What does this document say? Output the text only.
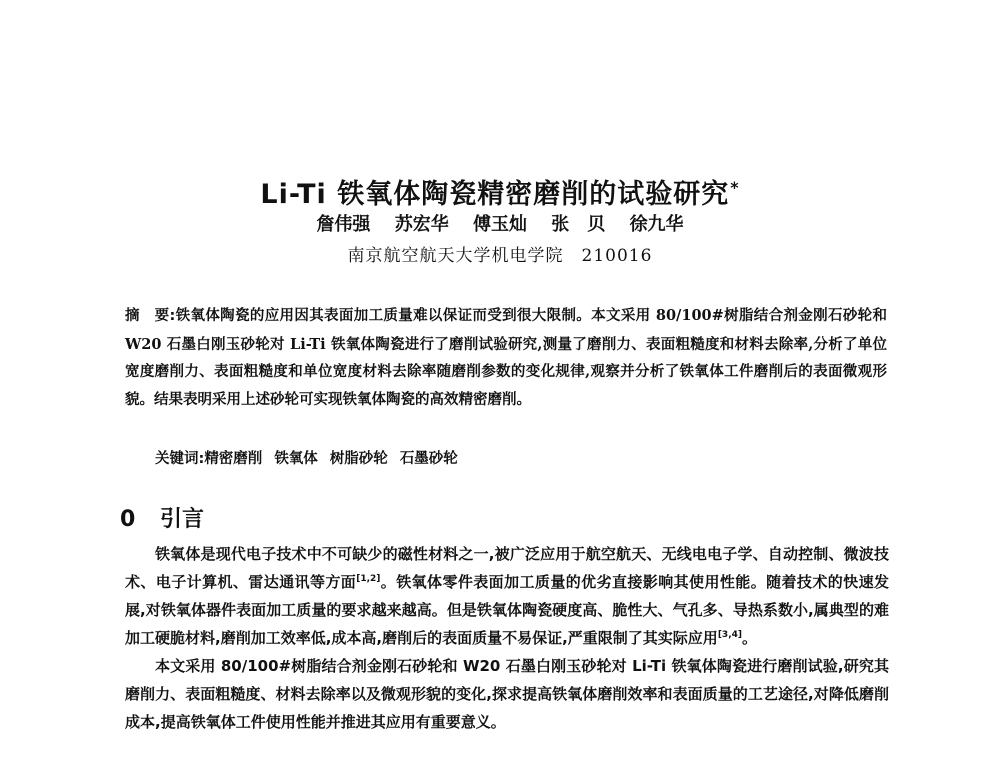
Li-Ti 铁氧体陶瓷精密磨削的试验研究*
詹伟强 苏宏华 傅玉灿 张　贝 徐九华
南京航空航天大学机电学院　210016
摘　要:铁氧体陶瓷的应用因其表面加工质量难以保证而受到很大限制。本文采用 80/100#树脂结合剂金刚石砂轮和 W20 石墨白刚玉砂轮对 Li-Ti 铁氧体陶瓷进行了磨削试验研究,测量了磨削力、表面粗糙度和材料去除率,分析了单位宽度磨削力、表面粗糙度和单位宽度材料去除率随磨削参数的变化规律,观察并分析了铁氧体工件磨削后的表面微观形貌。结果表明采用上述砂轮可实现铁氧体陶瓷的高效精密磨削。
关键词:精密磨削 铁氧体 树脂砂轮 石墨砂轮
0 引言

铁氧体是现代电子技术中不可缺少的磁性材料之一,被广泛应用于航空航天、无线电电子学、自动控制、微波技术、电子计算机、雷达通讯等方面[1,2]。铁氧体零件表面加工质量的优劣直接影响其使用性能。随着技术的快速发展,对铁氧体器件表面加工质量的要求越来越高。但是铁氧体陶瓷硬度高、脆性大、气孔多、导热系数小,属典型的难加工硬脆材料,磨削加工效率低,成本高,磨削后的表面质量不易保证,严重限制了其实际应用[3,4]。

本文采用 80/100#树脂结合剂金刚石砂轮和 W20 石墨白刚玉砂轮对 Li-Ti 铁氧体陶瓷进行磨削试验,研究其磨削力、表面粗糙度、材料去除率以及微观形貌的变化,探求提高铁氧体磨削效率和表面质量的工艺途径,对降低磨削成本,提高铁氧体工件使用性能并推进其应用有重要意义。
